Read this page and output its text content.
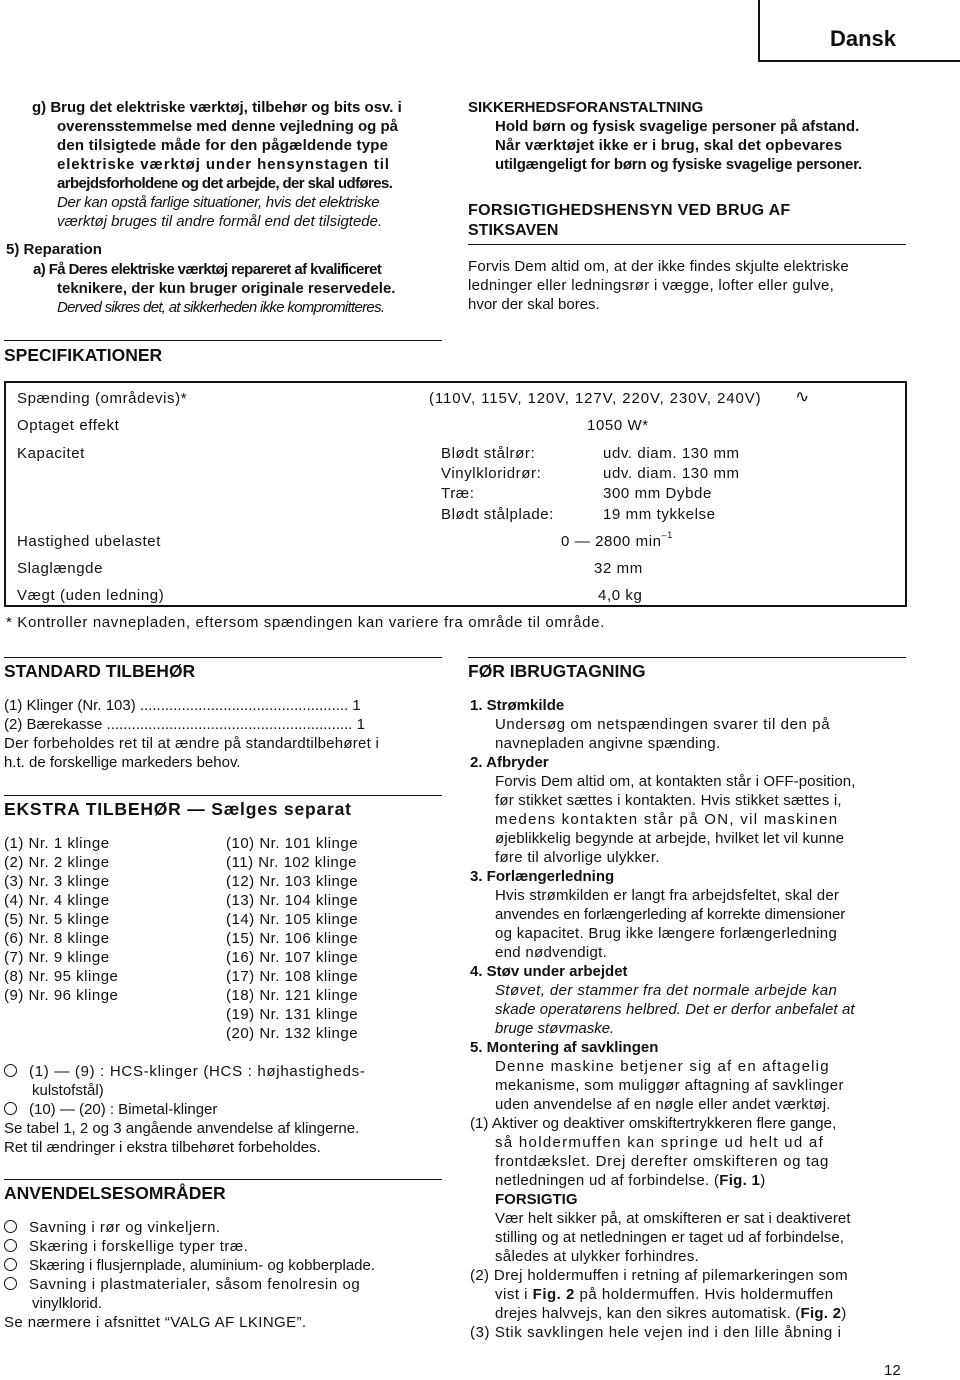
Dansk
g) Brug det elektriske værktøj, tilbehør og bits osv. i
overensstemmelse med denne vejledning og på
den tilsigtede måde for den pågældende type
elektriske værktøj under hensynstagen til
arbejdsforholdene og det arbejde, der skal udføres.
Der kan opstå farlige situationer, hvis det elektriske
værktøj bruges til andre formål end det tilsigtede.
5) Reparation
a) Få Deres elektriske værktøj repareret af kvalificeret
teknikere, der kun bruger originale reservedele.
Derved sikres det, at sikkerheden ikke kompromitteres.
SIKKERHEDSFORANSTALTNING
Hold børn og fysisk svagelige personer på afstand.
Når værktøjet ikke er i brug, skal det opbevares
utilgængeligt for børn og fysiske svagelige personer.
FORSIGTIGHEDSHENSYN VED BRUG AF
STIKSAVEN
Forvis Dem altid om, at der ikke findes skjulte elektriske
ledninger eller ledningsrør i vægge, lofter eller gulve,
hvor der skal bores.
SPECIFIKATIONER
Spænding (områdevis)*	(110V, 115V, 120V, 127V, 220V, 230V, 240V) ∿
Optaget effekt	1050 W*
Kapacitet	Blødt stålrør:	udv. diam. 130 mm
Vinylkloridrør:	udv. diam. 130 mm
Træ:	300 mm Dybde
Blødt stålplade:	19 mm tykkelse
Hastighed ubelastet	0 — 2800 $\min^{-1}$
Slaglængde	32 mm
Vægt (uden ledning)	4,0 kg
* Kontroller navnepladen, eftersom spændingen kan variere fra område til område.
STANDARD TILBEHØR
(1) Klinger (Nr. 103) .................................................. 1
(2) Bærekasse ........................................................... 1
Der forbeholdes ret til at ændre på standardtilbehøret i
h.t. de forskellige markeders behov.
EKSTRA TILBEHØR — Sælges separat
(1) Nr. 1 klinge
(2) Nr. 2 klinge
(3) Nr. 3 klinge
(4) Nr. 4 klinge
(5) Nr. 5 klinge
(6) Nr. 8 klinge
(7) Nr. 9 klinge
(8) Nr. 95 klinge
(9) Nr. 96 klinge
(10) Nr. 101 klinge
(11) Nr. 102 klinge
(12) Nr. 103 klinge
(13) Nr. 104 klinge
(14) Nr. 105 klinge
(15) Nr. 106 klinge
(16) Nr. 107 klinge
(17) Nr. 108 klinge
(18) Nr. 121 klinge
(19) Nr. 131 klinge
(20) Nr. 132 klinge
(1) — (9) : HCS-klinger (HCS : højhastigheds-
kulstofstål)
(10) — (20) : Bimetal-klinger
Se tabel 1, 2 og 3 angående anvendelse af klingerne.
Ret til ændringer i ekstra tilbehøret forbeholdes.
ANVENDELSESOMRÅDER
Savning i rør og vinkeljern.
Skæring i forskellige typer træ.
Skæring i flusjernplade, aluminium- og kobberplade.
Savning i plastmaterialer, såsom fenolresin og
vinylklorid.
Se nærmere i afsnittet “VALG AF LKINGE”.
FØR IBRUGTAGNING
1. Strømkilde
Undersøg om netspændingen svarer til den på
navnepladen angivne spænding.
2. Afbryder
Forvis Dem altid om, at kontakten står i OFF-position,
før stikket sættes i kontakten. Hvis stikket sættes i,
medens kontakten står på ON, vil maskinen
øjeblikkelig begynde at arbejde, hvilket let vil kunne
føre til alvorlige ulykker.
3. Forlængerledning
Hvis strømkilden er langt fra arbejdsfeltet, skal der
anvendes en forlængerleding af korrekte dimensioner
og kapacitet. Brug ikke længere forlængerledning
end nødvendigt.
4. Støv under arbejdet
Støvet, der stammer fra det normale arbejde kan
skade operatørens helbred. Det er derfor anbefalet at
bruge støvmaske.
5. Montering af savklingen
Denne maskine betjener sig af en aftagelig
mekanisme, som muliggør aftagning af savklinger
uden anvendelse af en nøgle eller andet værktøj.
(1) Aktiver og deaktiver omskiftertrykkeren flere gange,
så holdermuffen kan springe ud helt ud af
frontdækslet. Drej derefter omskifteren og tag
netledningen ud af forbindelse. (Fig. 1)
FORSIGTIG
Vær helt sikker på, at omskifteren er sat i deaktiveret
stilling og at netledningen er taget ud af forbindelse,
således at ulykker forhindres.
(2) Drej holdermuffen i retning af pilemarkeringen som
vist i Fig. 2 på holdermuffen. Hvis holdermuffen
drejes halvvejs, kan den sikres automatisk. (Fig. 2)
(3) Stik savklingen hele vejen ind i den lille åbning i
12
